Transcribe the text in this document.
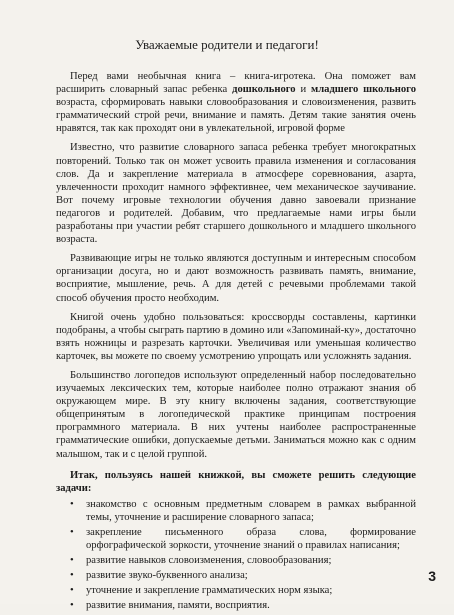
Уважаемые родители и педагоги!

Перед вами необычная книга – книга-игротека. Она поможет вам расширить словарный запас ребенка дошкольного и младшего школьного возраста, сформировать навыки словообразования и словоизменения, развить грамматический строй речи, внимание и память. Детям такие занятия очень нравятся, так как проходят они в увлекательной, игровой форме

Известно, что развитие словарного запаса ребенка требует многократных повторений. Только так он может усвоить правила изменения и согласования слов. Да и закрепление материала в атмосфере соревнования, азарта, увлеченности проходит намного эффективнее, чем механическое заучивание. Вот почему игровые технологии обучения давно завоевали признание педагогов и родителей. Добавим, что предлагаемые нами игры были разработаны при участии ребят старшего дошкольного и младшего школьного возраста.

Развивающие игры не только являются доступным и интересным способом организации досуга, но и дают возможность развивать память, внимание, восприятие, мышление, речь. А для детей с речевыми проблемами такой способ обучения просто необходим.

Книгой очень удобно пользоваться: кроссворды составлены, картинки подобраны, а чтобы сыграть партию в домино или «Запоминай-ку», достаточно взять ножницы и разрезать карточки. Увеличивая или уменьшая количество карточек, вы можете по своему усмотрению упрощать или усложнять задания.

Большинство логопедов используют определенный набор последовательно изучаемых лексических тем, которые наиболее полно отражают знания об окружающем мире. В эту книгу включены задания, соответствующие общепринятым в логопедической практике принципам построения программного материала. В них учтены наиболее распространенные грамматические ошибки, допускаемые детьми. Заниматься можно как с одним малышом, так и с целой группой.

Итак, пользуясь нашей книжкой, вы сможете решить следующие задачи:

• знакомство с основным предметным словарем в рамках выбранной темы, уточнение и расширение словарного запаса;
• закрепление письменного образа слова, формирование орфографической зоркости, уточнение знаний о правилах написания;
• развитие навыков словоизменения, словообразования;
• развитие звуко-буквенного анализа;
• уточнение и закрепление грамматических норм языка;
• развитие внимания, памяти, восприятия.
3
